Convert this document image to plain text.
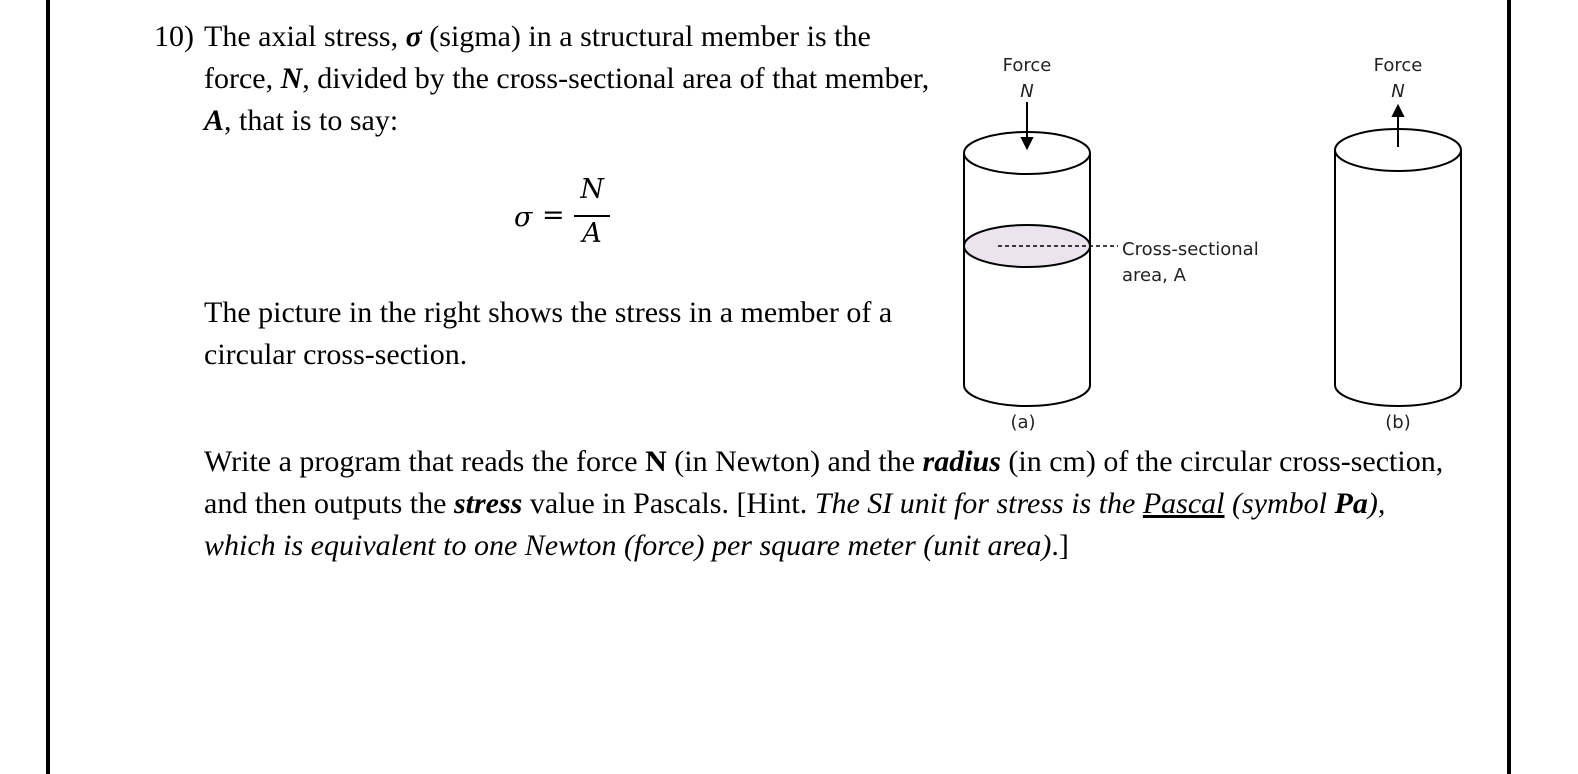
10) The axial stress, σ (sigma) in a structural member is the force, N, divided by the cross-sectional area of that member, A, that is to say:
σ =
N
A
The picture in the right shows the stress in a member of a circular cross-section.
Write a program that reads the force N (in Newton) and the radius (in cm) of the circular cross-section, and then outputs the stress value in Pascals. [Hint. The SI unit for stress is the Pascal (symbol Pa), which is equivalent to one Newton (force) per square meter (unit area).]
Force
N
Force
N
Cross-sectional
area, A
(a)	(b)
